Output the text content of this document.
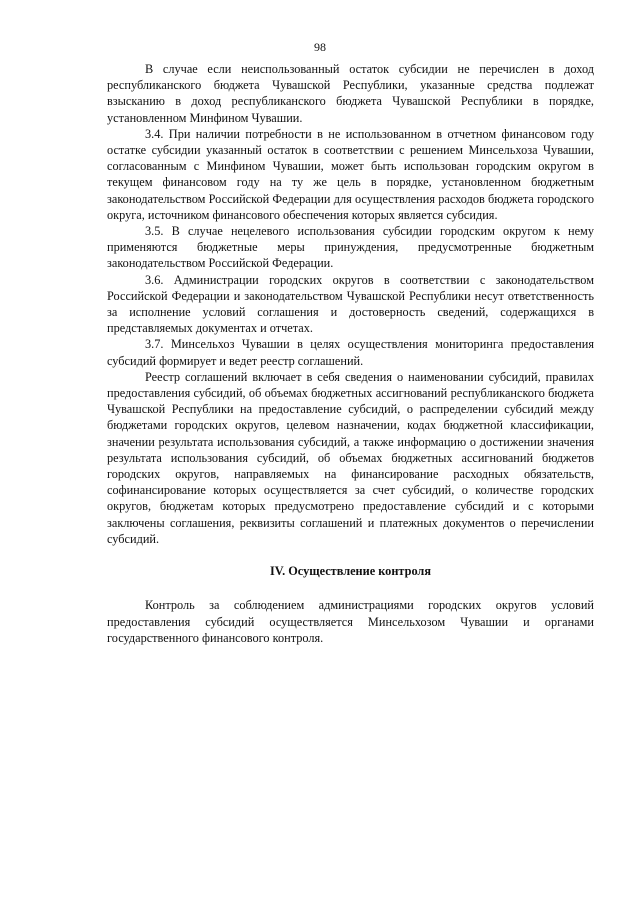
98

В случае если неиспользованный остаток субсидии не перечислен в доход республиканского бюджета Чувашской Республики, указанные средства подлежат взысканию в доход республиканского бюджета Чувашской Республики в порядке, установленном Минфином Чувашии.

3.4. При наличии потребности в не использованном в отчетном финансовом году остатке субсидии указанный остаток в соответствии с решением Минсельхоза Чувашии, согласованным с Минфином Чувашии, может быть использован городским округом в текущем финансовом году на ту же цель в порядке, установленном бюджетным законодательством Российской Федерации для осуществления расходов бюджета городского округа, источником финансового обеспечения которых является субсидия.

3.5. В случае нецелевого использования субсидии городским округом к нему применяются бюджетные меры принуждения, предусмотренные бюджетным законодательством Российской Федерации.

3.6. Администрации городских округов в соответствии с законодательством Российской Федерации и законодательством Чувашской Республики несут ответственность за исполнение условий соглашения и достоверность сведений, содержащихся в представляемых документах и отчетах.

3.7. Минсельхоз Чувашии в целях осуществления мониторинга предоставления субсидий формирует и ведет реестр соглашений.

Реестр соглашений включает в себя сведения о наименовании субсидий, правилах предоставления субсидий, об объемах бюджетных ассигнований республиканского бюджета Чувашской Республики на предоставление субсидий, о распределении субсидий между бюджетами городских округов, целевом назначении, кодах бюджетной классификации, значении результата использования субсидий, а также информацию о достижении значения результата использования субсидий, об объемах бюджетных ассигнований бюджетов городских округов, направляемых на финансирование расходных обязательств, софинансирование которых осуществляется за счет субсидий, о количестве городских округов, бюджетам которых предусмотрено предоставление субсидий и с которыми заключены соглашения, реквизиты соглашений и платежных документов о перечислении субсидий.

IV. Осуществление контроля

Контроль за соблюдением администрациями городских округов условий предоставления субсидий осуществляется Минсельхозом Чувашии и органами государственного финансового контроля.
